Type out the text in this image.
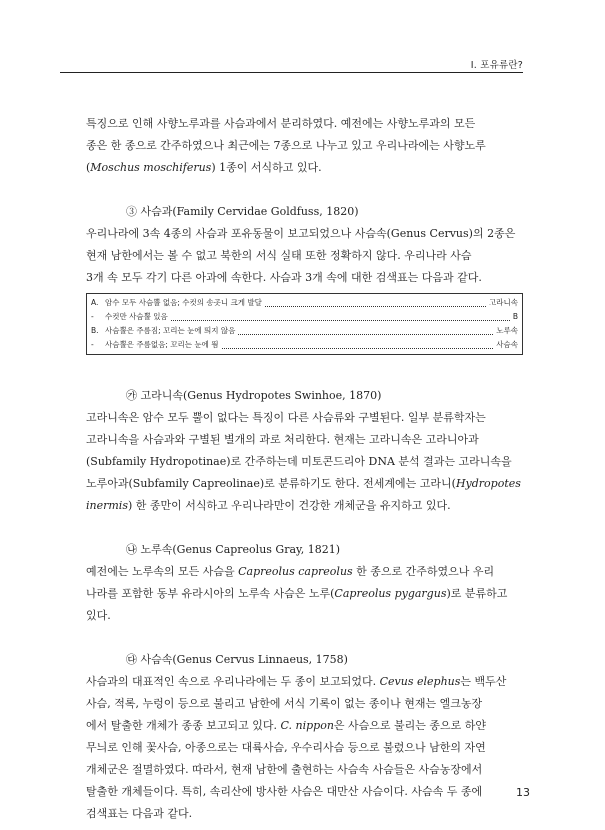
I. 포유류란?
특징으로 인해 사향노루과를 사슴과에서 분리하였다. 예전에는 사향노루과의 모든
종은 한 종으로 간주하였으나 최근에는 7종으로 나누고 있고 우리나라에는 사향노루
(Moschus moschiferus) 1종이 서식하고 있다.

③ 사슴과(Family Cervidae Goldfuss, 1820)

우리나라에 3속 4종의 사슴과 포유동물이 보고되었으나 사슴속(Genus Cervus)의 2종은
현재 남한에서는 볼 수 없고 북한의 서식 실태 또한 정확하지 않다. 우리나라 사슴
3개 속 모두 각기 다른 아과에 속한다. 사슴과 3개 속에 대한 검색표는 다음과 같다.
A. 암수 모두 사슴뿔 없음; 수컷의 송곳니 크게 발달	고라니속
-	수컷만 사슴뿔 있음	B
B. 사슴뿔은 주름짐; 꼬리는 눈에 띄지 않음	노루속
-	사슴뿔은 주름없음; 꼬리는 눈에 띔	사슴속

㉮ 고라니속(Genus Hydropotes Swinhoe, 1870)

고라니속은 암수 모두 뿔이 없다는 특징이 다른 사슴류와 구별된다. 일부 분류학자는
고라니속을 사슴과와 구별된 별개의 과로 처리한다. 현재는 고라니속은 고라니아과
(Subfamily Hydropotinae)로 간주하는데 미토콘드리아 DNA 분석 결과는 고라니속을
노루아과(Subfamily Capreolinae)로 분류하기도 한다. 전세계에는 고라니(Hydropotes
inermis) 한 종만이 서식하고 우리나라만이 건강한 개체군을 유지하고 있다.

㉯ 노루속(Genus Capreolus Gray, 1821)

예전에는 노루속의 모든 사슴을 Capreolus capreolus 한 종으로 간주하였으나 우리
나라를 포함한 동부 유라시아의 노루속 사슴은 노루(Capreolus pygargus)로 분류하고
있다.

㉰ 사슴속(Genus Cervus Linnaeus, 1758)

사슴과의 대표적인 속으로 우리나라에는 두 종이 보고되었다. Cevus elephus는 백두산
사슴, 적록, 누렁이 등으로 불리고 남한에 서식 기록이 없는 종이나 현재는 엘크농장
에서 탈출한 개체가 종종 보고되고 있다. C. nippon은 사슴으로 불리는 종으로 하얀
무늬로 인해 꽃사슴, 아종으로는 대륙사슴, 우수리사슴 등으로 불렸으나 남한의 자연
개체군은 절멸하였다. 따라서, 현재 남한에 출현하는 사슴속 사슴들은 사슴농장에서
탈출한 개체들이다. 특히, 속리산에 방사한 사슴은 대만산 사슴이다. 사슴속 두 종에
검색표는 다음과 같다.
13
